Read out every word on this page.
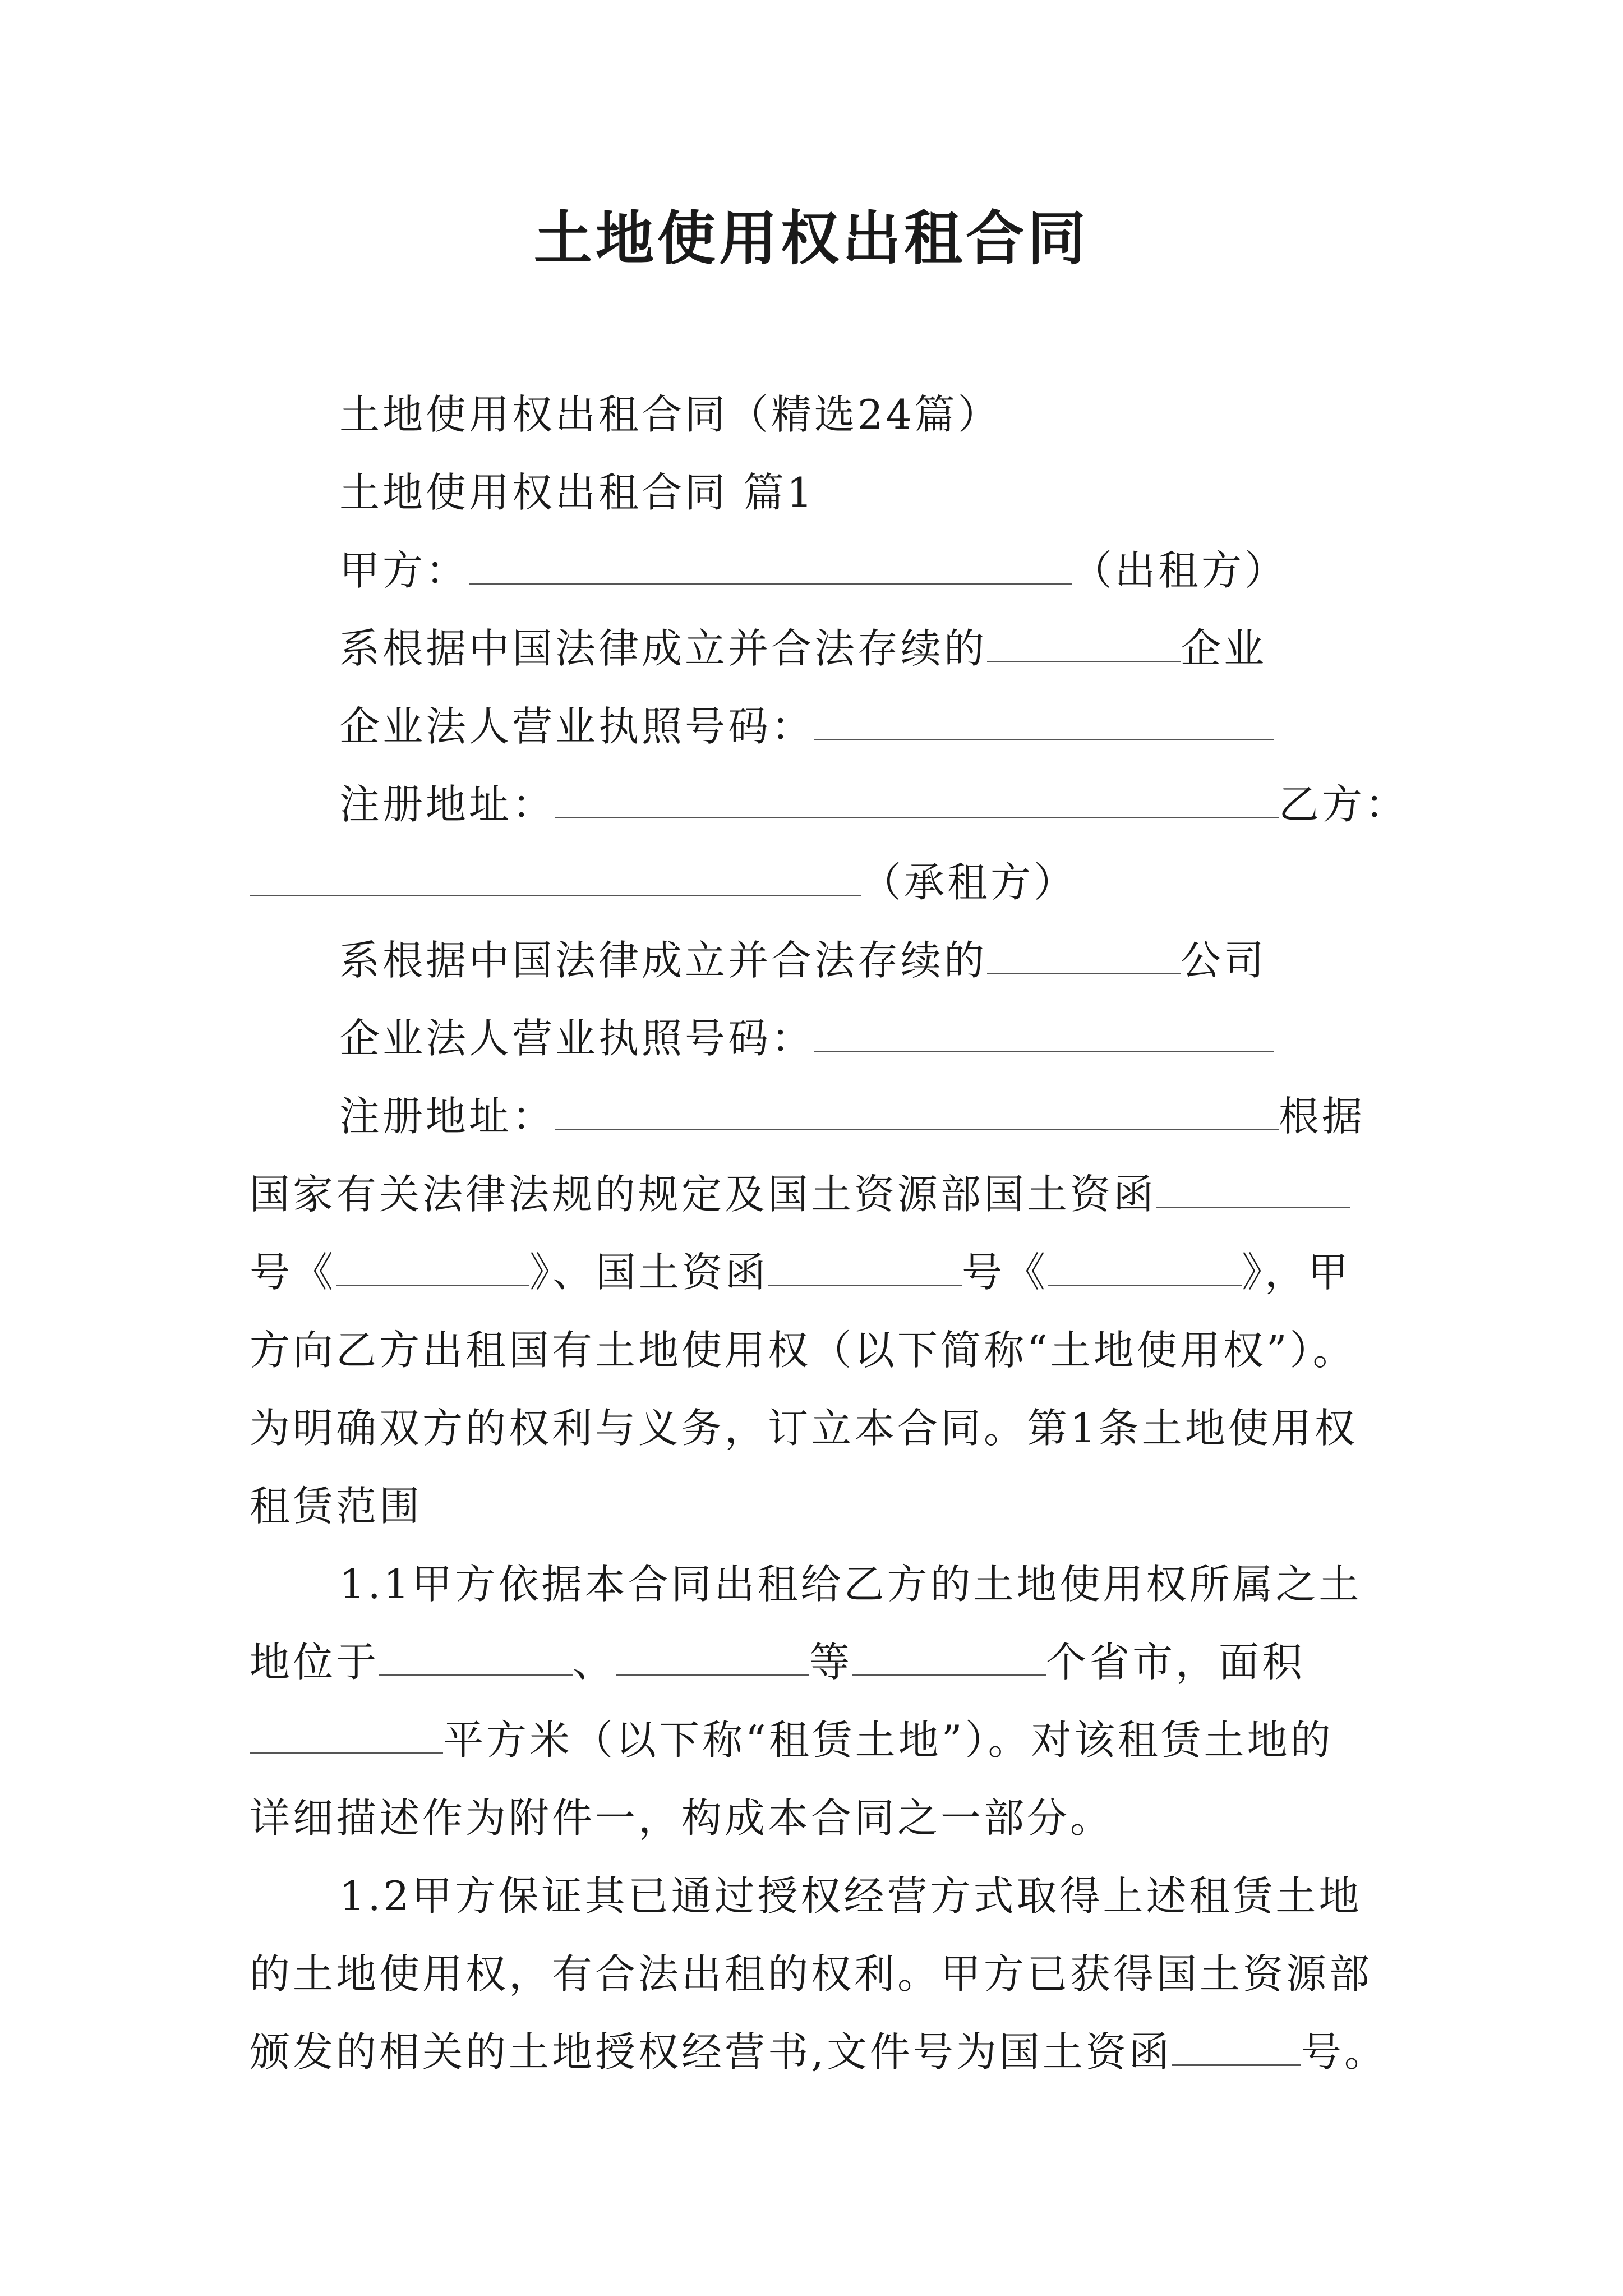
土地使用权出租合同
土地使用权出租合同（精选24篇）
土地使用权出租合同 篇1
甲方：	（出租方）
系根据中国法律成立并合法存续的	企业
企业法人营业执照号码：
注册地址：	乙方：
（承租方）
系根据中国法律成立并合法存续的	公司
企业法人营业执照号码：
注册地址：	根据
国家有关法律法规的规定及国土资源部国土资函
号《	》、国土资函	号《	》，甲
方向乙方出租国有土地使用权（以下简称“土地使用权”）。
为明确双方的权利与义务，订立本合同。第1条土地使用权
租赁范围
1.1甲方依据本合同出租给乙方的土地使用权所属之土
地位于	、	等	个省市，面积
平方米（以下称“租赁土地”）。对该租赁土地的
详细描述作为附件一，构成本合同之一部分。
1.2甲方保证其已通过授权经营方式取得上述租赁土地
的土地使用权，有合法出租的权利。甲方已获得国土资源部
颁发的相关的土地授权经营书,文件号为国土资函	号。
